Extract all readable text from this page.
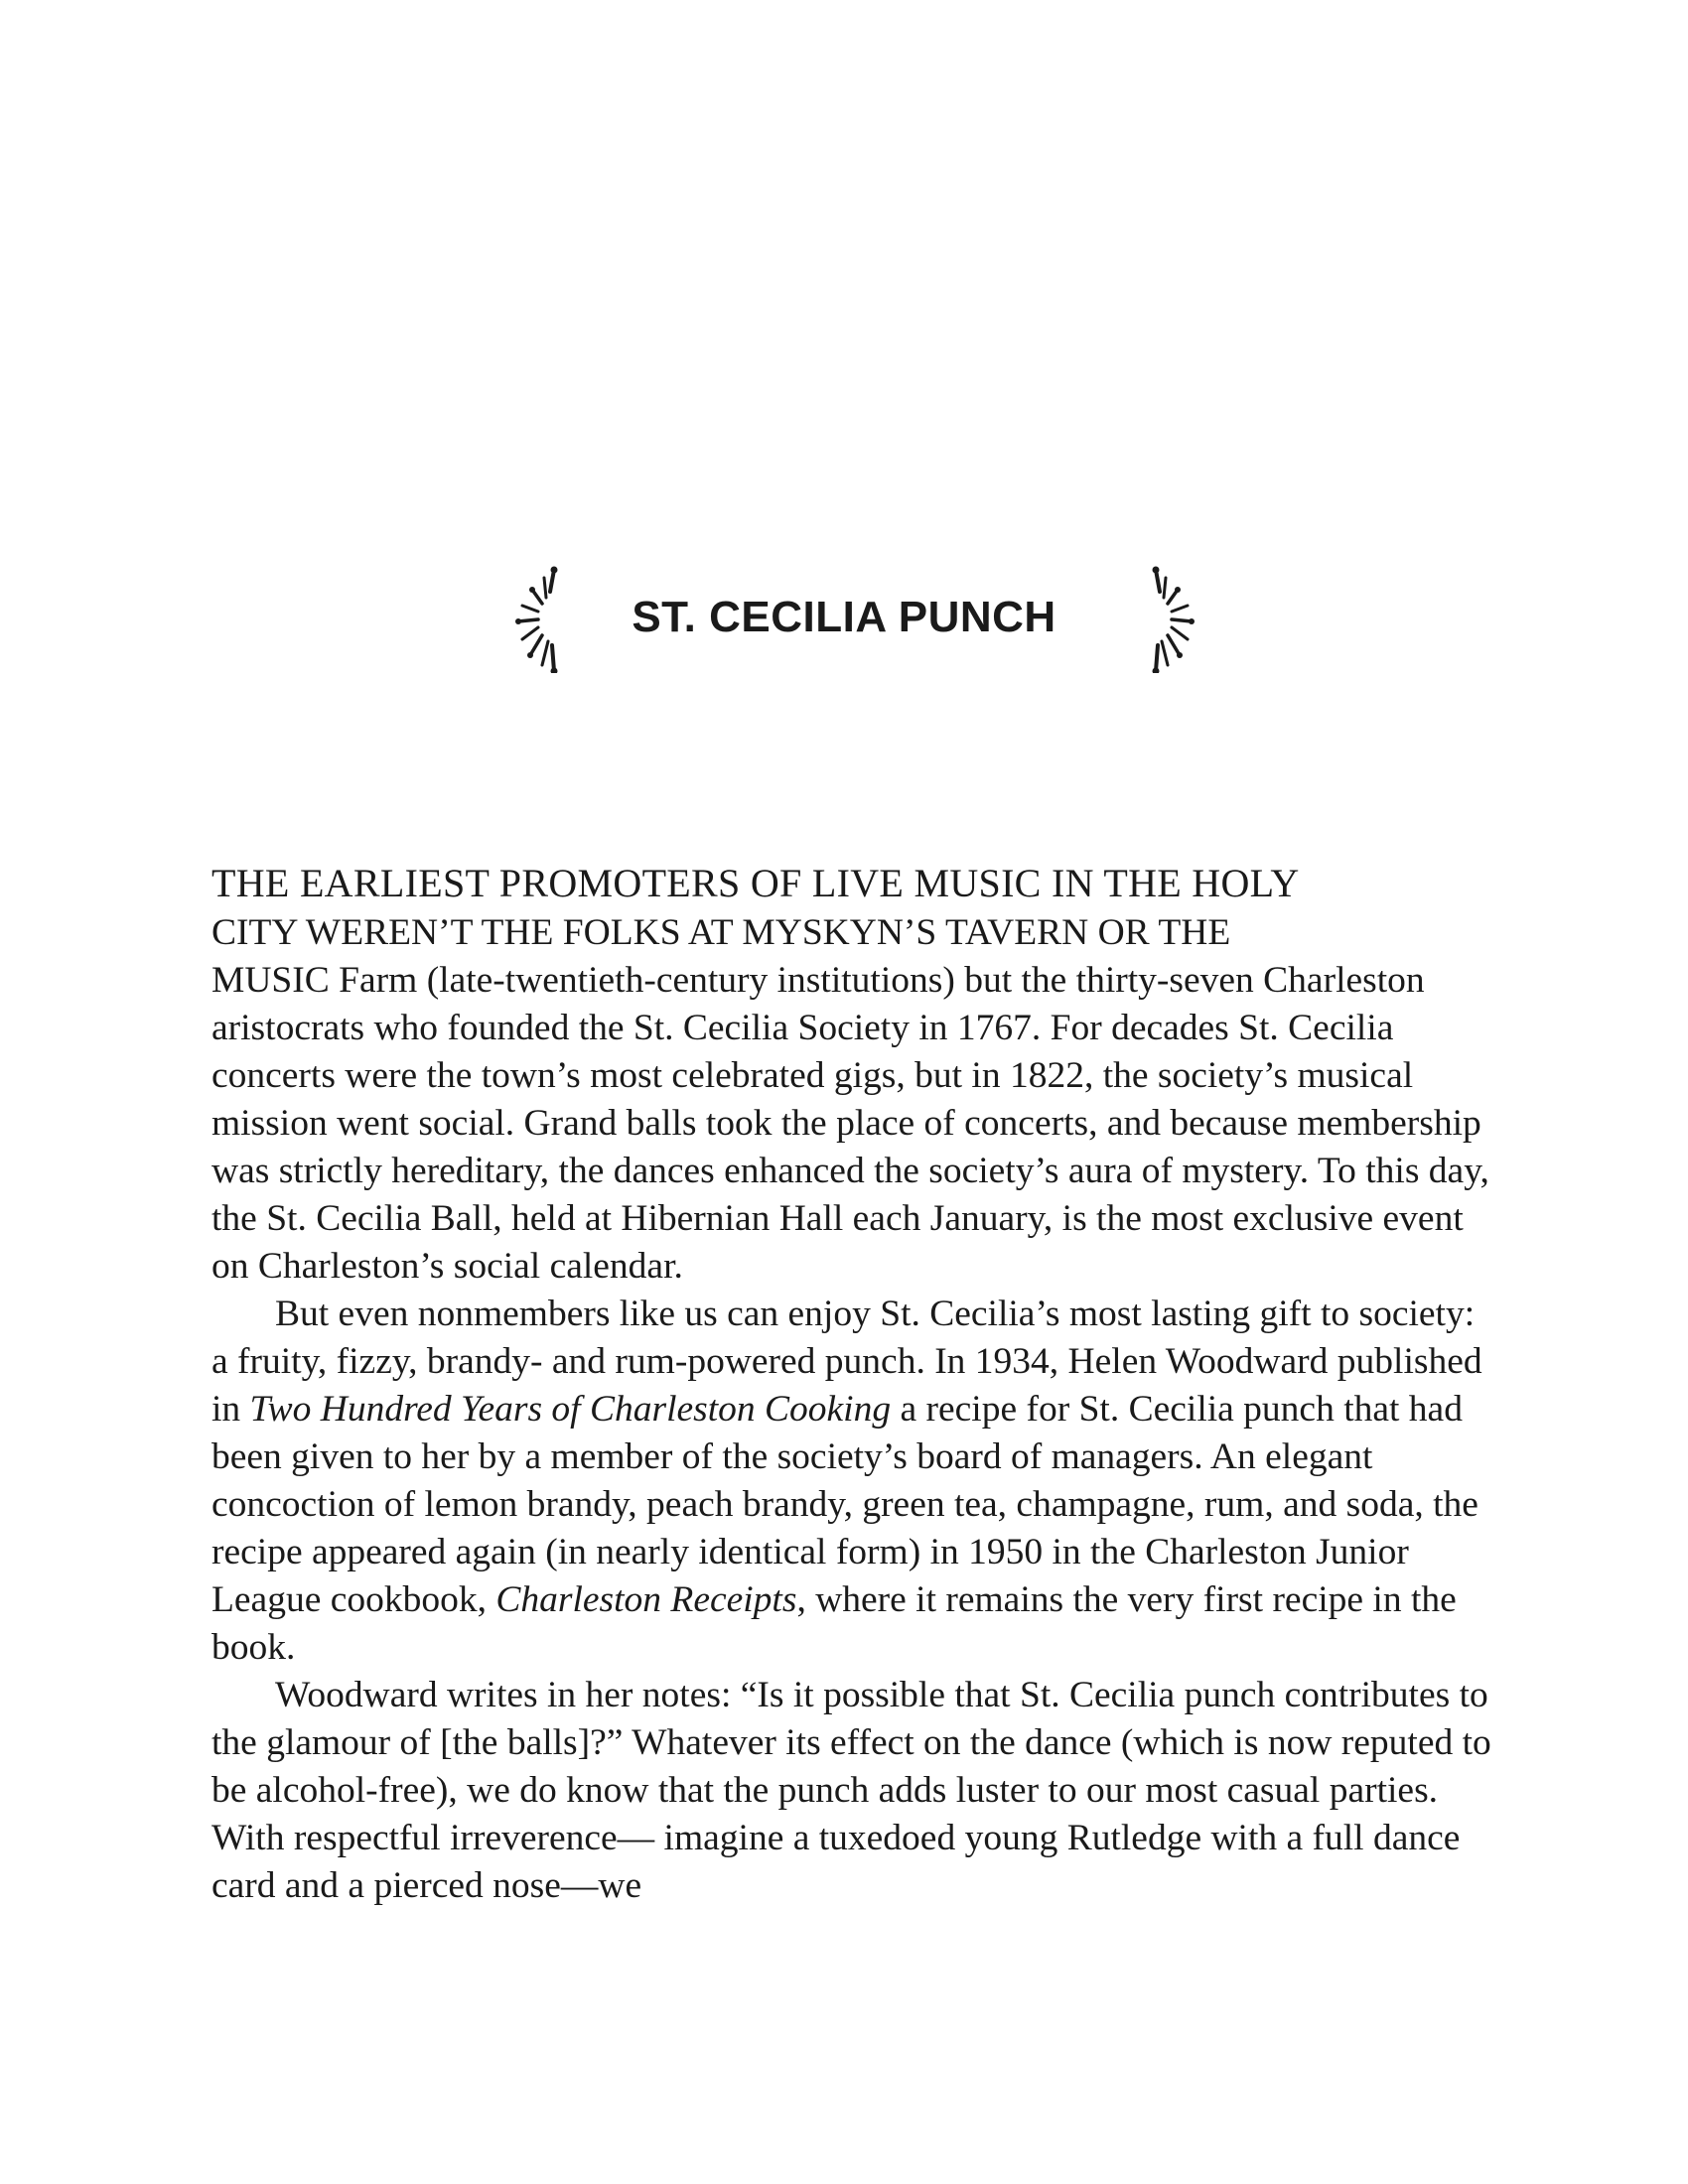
ST. CECILIA PUNCH

THE EARLIEST PROMOTERS OF LIVE MUSIC IN THE HOLY
CITY WEREN’T THE FOLKS AT MYSKYN’S TAVERN OR THE
MUSIC Farm (late-twentieth-century institutions) but the thirty-seven Charleston aristocrats who founded the St. Cecilia Society in 1767. For decades St. Cecilia concerts were the town’s most celebrated gigs, but in 1822, the society’s musical mission went social. Grand balls took the place of concerts, and because membership was strictly hereditary, the dances enhanced the society’s aura of mystery. To this day, the St. Cecilia Ball, held at Hibernian Hall each January, is the most exclusive event on Charleston’s social calendar.

But even nonmembers like us can enjoy St. Cecilia’s most lasting gift to society: a fruity, fizzy, brandy- and rum-powered punch. In 1934, Helen Woodward published in Two Hundred Years of Charleston Cooking a recipe for St. Cecilia punch that had been given to her by a member of the society’s board of managers. An elegant concoction of lemon brandy, peach brandy, green tea, champagne, rum, and soda, the recipe appeared again (in nearly identical form) in 1950 in the Charleston Junior League cookbook, Charleston Receipts, where it remains the very first recipe in the book.

Woodward writes in her notes: “Is it possible that St. Cecilia punch contributes to the glamour of [the balls]?” Whatever its effect on the dance (which is now reputed to be alcohol-free), we do know that the punch adds luster to our most casual parties. With respectful irreverence— imagine a tuxedoed young Rutledge with a full dance card and a pierced nose—we
